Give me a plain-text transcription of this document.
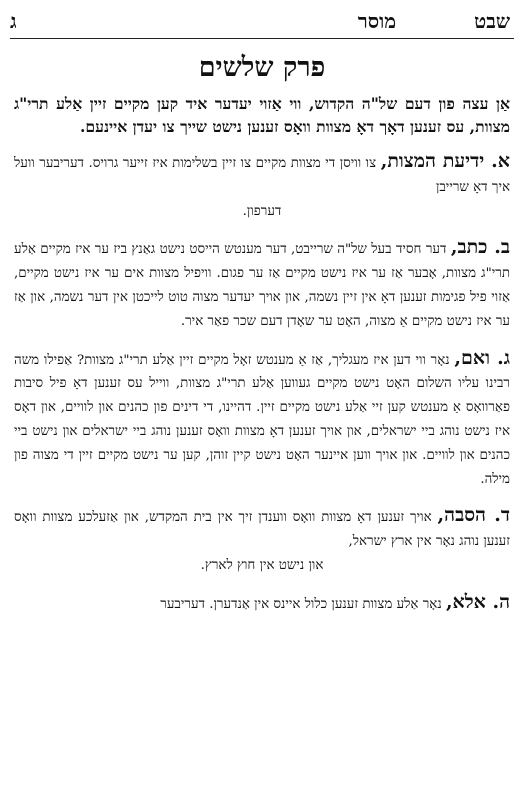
ג	מוסר	שבט
פרק שלשים

אַן עצה פון דעם של"ה הקדוש, ווי אַזוי יעדער איד קען מקיים זיין אַלע תרי"ג מצוות, עס זענען דאָך דאָ מצוות וואָס זענען נישט שייך צו יעדן איינעם.

א. ידיעת המצות, צו וויסן די מצוות מקיים צו זיין בשלימות איז זייער גרויס. דעריבער וועל איך דאָ שרייבן
דערפון.

ב. כתב, דער חסיד בעל של"ה שרייבט, דער מענטש הייסט נישט גאַנץ ביז ער איז מקיים אַלע תרי"ג מצוות, אָבער אַז ער איז נישט מקיים אַז ער פגום. וויפיל מצוות אים ער איז נישט מקיים, אַזוי פיל פגימות זענען דאָ אין זיין נשמה, און אויך יעדער מצוה טוט לייכטן אין דער נשמה, און אַז ער איז נישט מקיים אַ מצוה, האָט ער שאָדן דעם שכר פאַר איר.

ג. ואם, נאָר ווי דען איז מעגליך, אַז אַ מענטש זאָל מקיים זיין אַלע תרי"ג מצוות? אַפילו משה רבינו עליו השלום האָט נישט מקיים געווען אַלע תרי"ג מצוות, ווייל עס זענען דאָ פיל סיבות פאַרוואָס אַ מענטש קען זיי אַלע נישט מקיים זיין. דהיינו, די דינים פון כהנים און לוויים, און דאָס איז נישט נוהג ביי ישראלים, און אויך זענען דאָ מצוות וואָס זענען נוהג ביי ישראלים און נישט ביי כהנים און לוויים. און אויך ווען איינער האָט נישט קיין זוהן, קען ער נישט מקיים זיין די מצוה פון מילה.

ד. הסבה, אויך זענען דאָ מצוות וואָס ווענדן זיך אין בית המקדש, און אַזעלכע מצוות וואָס זענען נוהג נאָר אין ארץ ישראל,
און נישט אין חוץ לארץ.

ה. אלא, נאָר אַלע מצוות זענען כלול איינס אין אַנדערן. דעריבער
